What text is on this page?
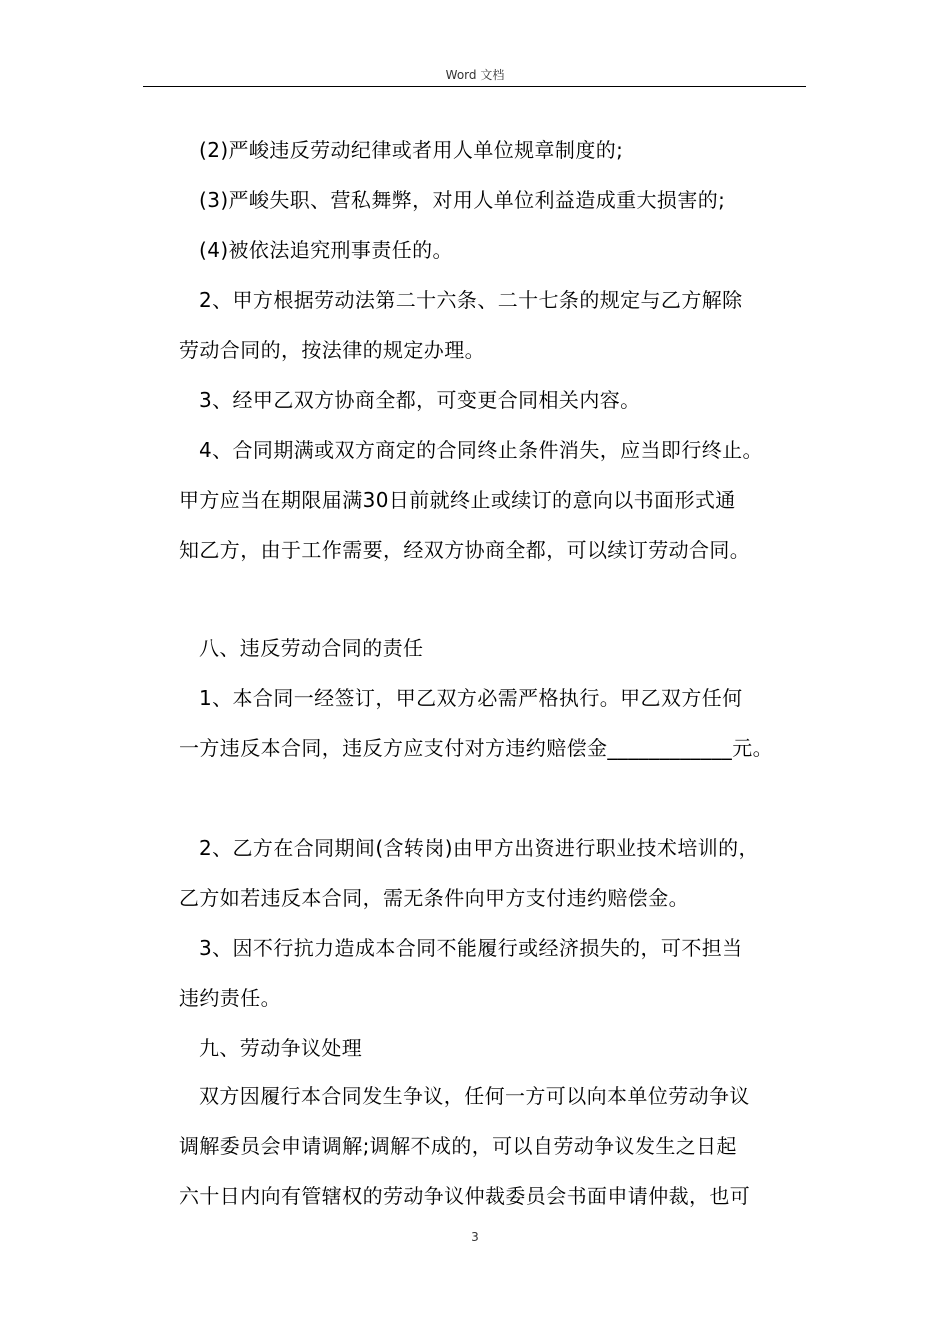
Word 文档
(2)严峻违反劳动纪律或者用人单位规章制度的;
(3)严峻失职、营私舞弊，对用人单位利益造成重大损害的;
(4)被依法追究刑事责任的。
2、甲方根据劳动法第二十六条、二十七条的规定与乙方解除
劳动合同的，按法律的规定办理。
3、经甲乙双方协商全都，可变更合同相关内容。
4、合同期满或双方商定的合同终止条件消失，应当即行终止。
甲方应当在期限届满30日前就终止或续订的意向以书面形式通
知乙方，由于工作需要，经双方协商全都，可以续订劳动合同。
八、违反劳动合同的责任
1、本合同一经签订，甲乙双方必需严格执行。甲乙双方任何
一方违反本合同，违反方应支付对方违约赔偿金____________元。
2、乙方在合同期间(含转岗)由甲方出资进行职业技术培训的，
乙方如若违反本合同，需无条件向甲方支付违约赔偿金。
3、因不行抗力造成本合同不能履行或经济损失的，可不担当
违约责任。
九、劳动争议处理
双方因履行本合同发生争议，任何一方可以向本单位劳动争议
调解委员会申请调解;调解不成的，可以自劳动争议发生之日起
六十日内向有管辖权的劳动争议仲裁委员会书面申请仲裁，也可
3
